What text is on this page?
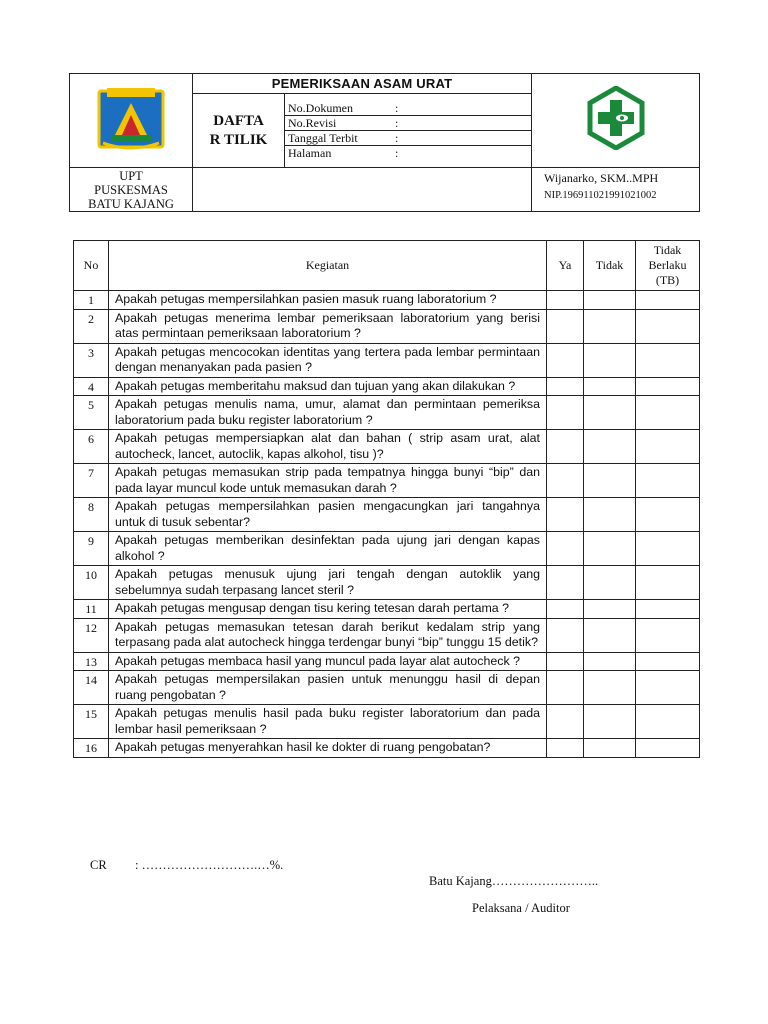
	PEMERIKSAAN ASAM URAT	
DAFTA
R TILIK	
No.Dokumen	:
No.Revisi	:
Tanggal Terbit	:
Halaman	:

UPT
PUSKESMAS
BATU KAJANG		Wijanarko, SKM..MPH
NIP.196911021991021002
No	Kegiatan	Ya	Tidak	Tidak
Berlaku
(TB)
1	Apakah petugas mempersilahkan pasien masuk ruang laboratorium ?			
2	Apakah petugas menerima lembar pemeriksaan laboratorium yang berisi atas permintaan pemeriksaan laboratorium ?			
3	Apakah petugas mencocokan identitas yang tertera pada lembar permintaan dengan menanyakan pada pasien ?			
4	Apakah petugas memberitahu maksud dan tujuan yang akan dilakukan ?			
5	Apakah petugas menulis nama, umur, alamat dan permintaan pemeriksa laboratorium pada buku register laboratorium ?			
6	Apakah petugas mempersiapkan alat dan bahan ( strip asam urat, alat autocheck, lancet, autoclik, kapas alkohol, tisu )?			
7	Apakah petugas memasukan strip pada tempatnya hingga bunyi “bip” dan pada layar muncul kode untuk memasukan darah ?			
8	Apakah petugas mempersilahkan pasien mengacungkan jari tangahnya untuk di tusuk sebentar?			
9	Apakah petugas memberikan desinfektan pada ujung jari dengan kapas alkohol ?			
10	Apakah petugas menusuk ujung jari tengah dengan autoklik yang sebelumnya sudah terpasang lancet steril ?			
11	Apakah petugas mengusap dengan tisu kering tetesan darah pertama ?			
12	Apakah petugas memasukan tetesan darah berikut kedalam strip yang terpasang pada alat autocheck hingga terdengar bunyi “bip” tunggu 15 detik?			
13	Apakah petugas membaca hasil yang muncul pada layar alat autocheck ?			
14	Apakah petugas mempersilakan pasien untuk menunggu hasil di depan ruang pengobatan ?			
15	Apakah petugas menulis hasil pada buku register laboratorium dan pada lembar hasil pemeriksaan ?			
16	Apakah petugas menyerahkan hasil ke dokter di ruang pengobatan?			
CR : ……………………….…%.
Batu Kajang……………………..
Pelaksana / Auditor
